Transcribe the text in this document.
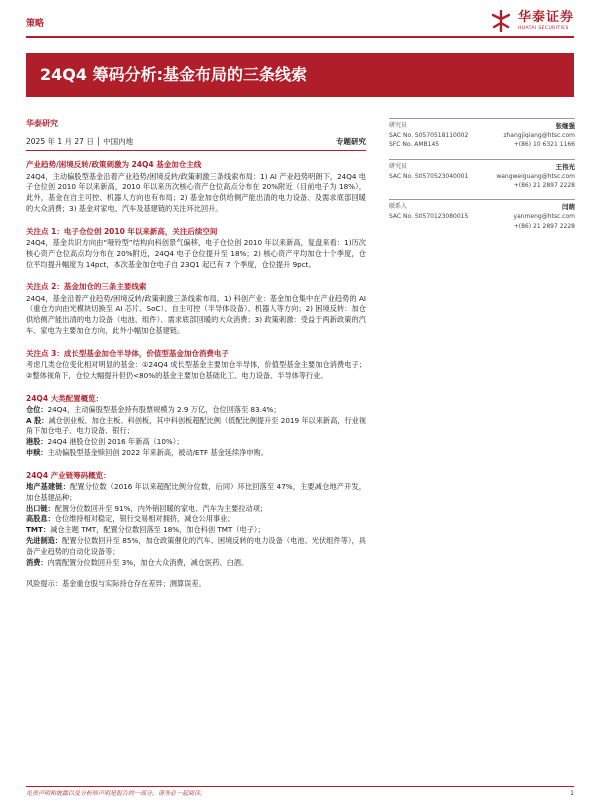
策略	华泰证券
HUATAI SECURITIES
24Q4 筹码分析:基金布局的三条线索
华泰研究
2025 年 1 月 27 日 │ 中国内地	专题研究
产业趋势/困境反转/政策刺激为 24Q4 基金加仓主线

24Q4，主动偏股型基金沿着产业趋势/困境反转/政策刺激三条线索布局：1) AI 产业趋势明朗下，24Q4 电子仓位创 2010 年以来新高，2010 年以来历次核心资产仓位高点分布在 20%附近（目前电子为 18%），此外，基金在自主可控、机器人方向也有布局；2) 基金加仓供给侧产能出清的电力设备、及需求底部回暖的大众消费；3) 基金对家电、汽车及基建链的关注环比回升。

关注点 1：电子仓位创 2010 年以来新高，关注后续空间

24Q4，基金共识方向由“哑铃型”结构向科创景气偏移，电子仓位创 2010 年以来新高，复盘来看：1)历次核心资产仓位高点均分布在 20%附近，24Q4 电子仓位提升至 18%；2) 核心资产平均加仓十个季度，仓位平均提升幅度为 14pct，本次基金加仓电子自 23Q1 起已有 7 个季度，仓位提升 9pct。

关注点 2：基金加仓的三条主要线索

24Q4，基金沿着产业趋势/困境反转/政策刺激三条线索布局。1) 科创产业：基金加仓集中在产业趋势的 AI（重仓方向由光模块切换至 AI 芯片、SoC）、自主可控（半导体设备）、机器人等方向；2) 困境反转：加仓供给侧产能出清的电力设备（电池、组件）、需求底部回暖的大众消费；3) 政策刺激：受益于两新政策的汽车、家电为主要加仓方向，此外小幅加仓基建链。

关注点 3：成长型基金加仓半导体，价值型基金加仓消费电子

考虑几类仓位变化相对明显的基金：①24Q4 成长型基金主要加仓半导体，价值型基金主要加仓消费电子；②整体视角下，仓位大幅提升但仍<80%的基金主要加仓基础化工、电力设备、半导体等行业。

24Q4 大类配置概览：

仓位：24Q4，主动偏股型基金持有股票规模为 2.9 万亿，仓位回落至 83.4%；

A 股：减仓创业板、加仓主板、科创板，其中科创板超配比例（低配比例提升至 2019 年以来新高，行业视角下加仓电子、电力设备、银行；

港股：24Q4 港股仓位创 2016 年新高（10%）；

申赎：主动偏股型基金赎回创 2022 年来新高，被动/ETF 基金延续净申购。

24Q4 产业链筹码概览：

地产基建链：配置分位数（2016 年以来超配比例分位数，后同）环比回落至 47%，主要减仓地产开发，加仓基建品种；

出口链：配置分位数回升至 91%，内外销回暖的家电、汽车为主要拉动项；

高股息：仓位维持相对稳定，银行交易相对拥挤，减仓公用事业；

TMT：减仓主题 TMT，配置分位数回落至 18%，加仓科创 TMT（电子）；

先进制造：配置分位数回升至 85%，加仓政策催化的汽车、困境反转的电力设备（电池、光伏组件等），具备产业趋势的自动化设备等；

消费：内需配置分位数回升至 3%，加仓大众消费，减仓医药、白酒。

风险提示：基金重仓股与实际持仓存在差异；测算误差。

研究员	张继强
SAC No. S0570518110002	zhangjiqiang@htsc.com
SFC No. AMB145	+(86) 10 6321 1166
研究员	王伟光
SAC No. S0570523040001	wangweiguang@htsc.com
+(86) 21 2897 2228
联系人	闫萌
SAC No. S0570123080015	yanmeng@htsc.com
+(86) 21 2897 2228
免责声明和披露以及分析师声明是报告的一部分，请务必一起阅读。	1
